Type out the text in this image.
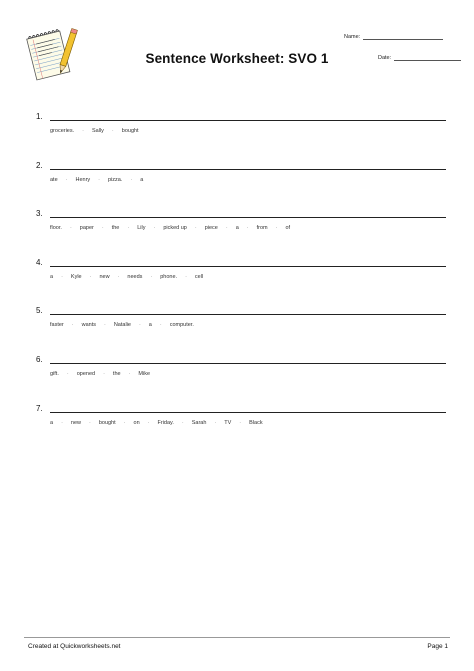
Name:
Date:
Sentence Worksheet: SVO 1
1.
groceries. · Sally · bought
2.
ate · Henry · pizza. · a
3.
floor. · paper · the · Lily · picked up · piece · a · from · of
4.
a · Kyle · new · needs · phone. · cell
5.
faster · wants · Natalie · a · computer.
6.
gift. · opened · the · Mike
7.
a · new · bought · on · Friday. · Sarah · TV · Black
Created at Quickworksheets.net	Page 1
